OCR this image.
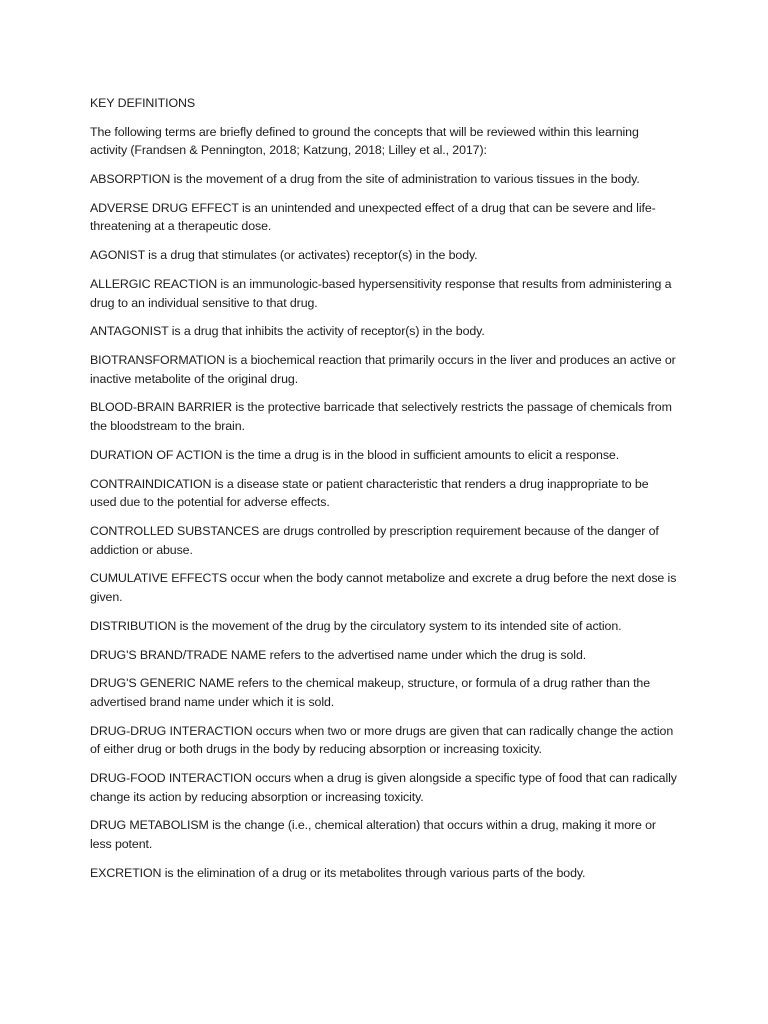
KEY DEFINITIONS

The following terms are briefly defined to ground the concepts that will be reviewed within this learning activity (Frandsen & Pennington, 2018; Katzung, 2018; Lilley et al., 2017):

ABSORPTION is the movement of a drug from the site of administration to various tissues in the body.

ADVERSE DRUG EFFECT is an unintended and unexpected effect of a drug that can be severe and life-threatening at a therapeutic dose.

AGONIST is a drug that stimulates (or activates) receptor(s) in the body.

ALLERGIC REACTION is an immunologic-based hypersensitivity response that results from administering a drug to an individual sensitive to that drug.

ANTAGONIST is a drug that inhibits the activity of receptor(s) in the body.

BIOTRANSFORMATION is a biochemical reaction that primarily occurs in the liver and produces an active or inactive metabolite of the original drug.

BLOOD-BRAIN BARRIER is the protective barricade that selectively restricts the passage of chemicals from the bloodstream to the brain.

DURATION OF ACTION is the time a drug is in the blood in sufficient amounts to elicit a response.

CONTRAINDICATION is a disease state or patient characteristic that renders a drug inappropriate to be used due to the potential for adverse effects.

CONTROLLED SUBSTANCES are drugs controlled by prescription requirement because of the danger of addiction or abuse.

CUMULATIVE EFFECTS occur when the body cannot metabolize and excrete a drug before the next dose is given.

DISTRIBUTION is the movement of the drug by the circulatory system to its intended site of action.

DRUG'S BRAND/TRADE NAME refers to the advertised name under which the drug is sold.

DRUG'S GENERIC NAME refers to the chemical makeup, structure, or formula of a drug rather than the advertised brand name under which it is sold.

DRUG-DRUG INTERACTION occurs when two or more drugs are given that can radically change the action of either drug or both drugs in the body by reducing absorption or increasing toxicity.

DRUG-FOOD INTERACTION occurs when a drug is given alongside a specific type of food that can radically change its action by reducing absorption or increasing toxicity.

DRUG METABOLISM is the change (i.e., chemical alteration) that occurs within a drug, making it more or less potent.

EXCRETION is the elimination of a drug or its metabolites through various parts of the body.
